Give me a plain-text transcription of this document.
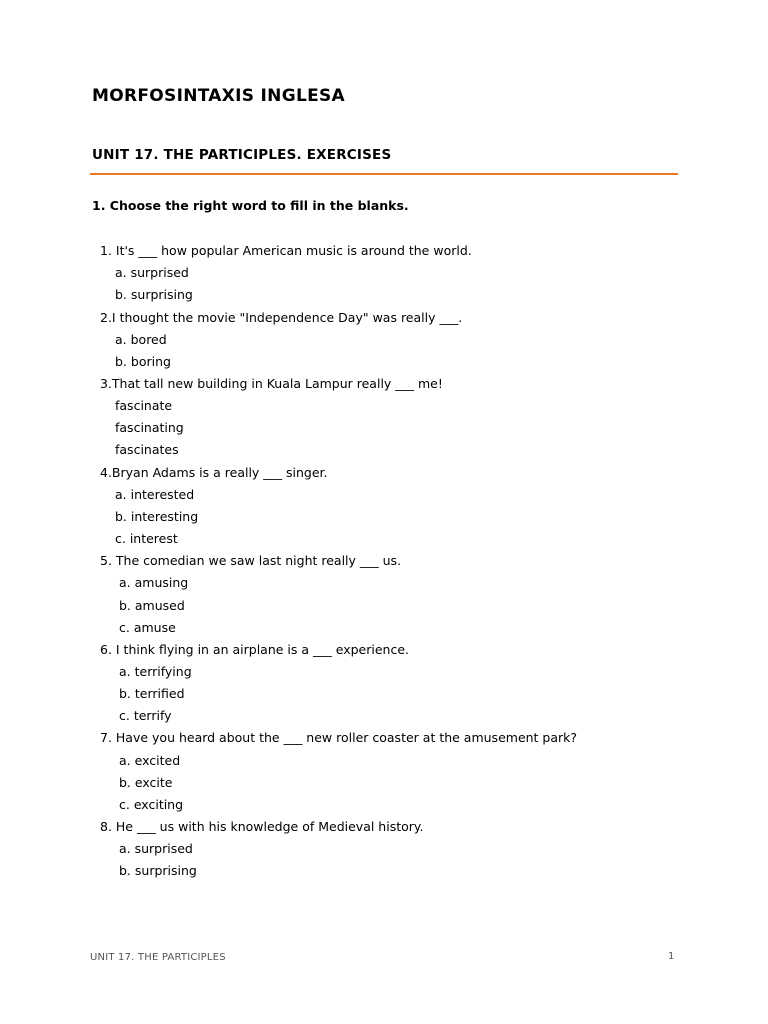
MORFOSINTAXIS INGLESA
UNIT 17. THE PARTICIPLES. EXERCISES

1. Choose the right word to fill in the blanks.

1. It's ___ how popular American music is around the world.
a. surprised
b. surprising
2.I thought the movie "Independence Day" was really ___.
a. bored
b. boring
3.That tall new building in Kuala Lampur really ___ me!
fascinate
fascinating
fascinates
4.Bryan Adams is a really ___ singer.
a. interested
b. interesting
c. interest
5. The comedian we saw last night really ___ us.
a. amusing
b. amused
c. amuse
6. I think flying in an airplane is a ___ experience.
a. terrifying
b. terrified
c. terrify
7. Have you heard about the ___ new roller coaster at the amusement park?
a. excited
b. excite
c. exciting
8. He ___ us with his knowledge of Medieval history.
a. surprised
b. surprising
UNIT 17. THE PARTICIPLES	1
